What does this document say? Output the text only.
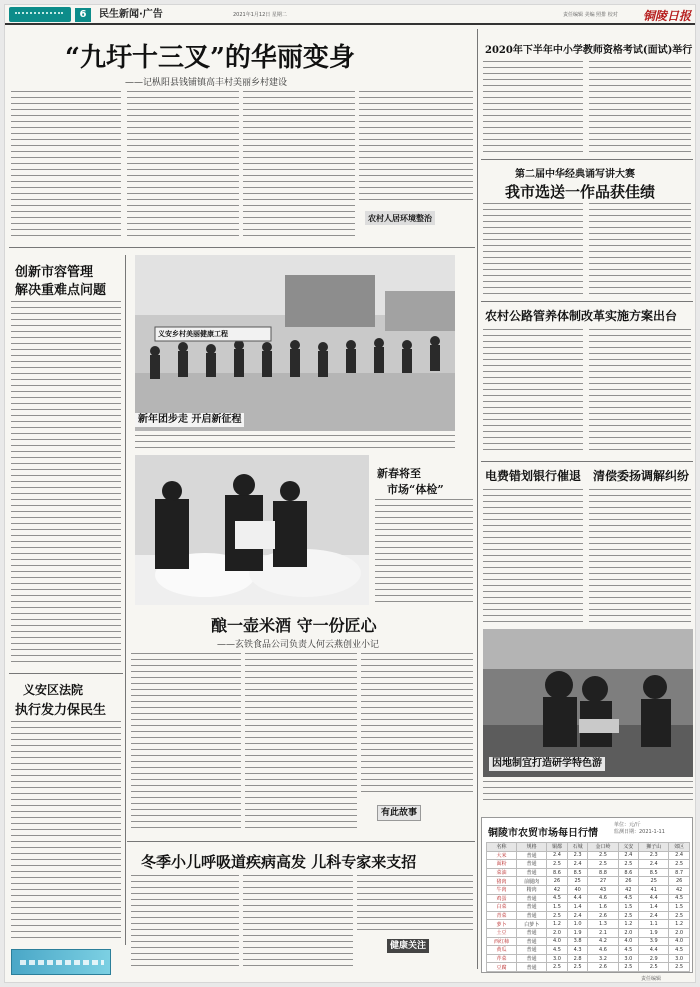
6	民生新闻·广告	2021年1月12日 星期二	责任编辑 美编 照排 校对 铜陵日报
“九圩十三叉”的华丽变身
——记枞阳县钱铺镇高丰村美丽乡村建设
农村人居环境整治
2020年下半年中小学教师资格考试(面试)举行
第二届中华经典诵写讲大赛
我市选送一作品获佳绩
农村公路管养体制改革实施方案出台
电费错划银行催退 清偿委扬调解纠纷
创新市容管理
解决重难点问题
义安区法院
执行发力保民生
义安乡村美丽健康工程
新年团步走 开启新征程
新春将至
市场“体检”
酿一壶米酒 守一份匠心
——玄铁食品公司负责人何云燕创业小记
有此故事
因地制宜打造研学特色游
冬季小儿呼吸道疾病高发 儿科专家来支招
健康关注
铜陵市农贸市场每日行情
单位：元/斤
监测日期：2021-1-11
名称	规格	铜都	石城	金口岭	义安	狮子山	郊区
大米	普通	2.4	2.3	2.5	2.4	2.3	2.4
面粉	普通	2.5	2.4	2.5	2.5	2.4	2.5
菜油	普通	8.6	8.5	8.8	8.6	8.5	8.7
猪肉	前腿肉	26	25	27	26	25	26
牛肉	精肉	42	40	43	42	41	42
鸡蛋	普通	4.5	4.4	4.6	4.5	4.4	4.5
白菜	普通	1.5	1.4	1.6	1.5	1.4	1.5
青菜	普通	2.5	2.4	2.6	2.5	2.4	2.5
萝卜	白萝卜	1.2	1.0	1.3	1.2	1.1	1.2
土豆	普通	2.0	1.9	2.1	2.0	1.9	2.0
西红柿	普通	4.0	3.8	4.2	4.0	3.9	4.0
黄瓜	普通	4.5	4.3	4.6	4.5	4.4	4.5
芹菜	普通	3.0	2.8	3.2	3.0	2.9	3.0
豆腐	普通	2.5	2.5	2.6	2.5	2.5	2.5
责任编辑
